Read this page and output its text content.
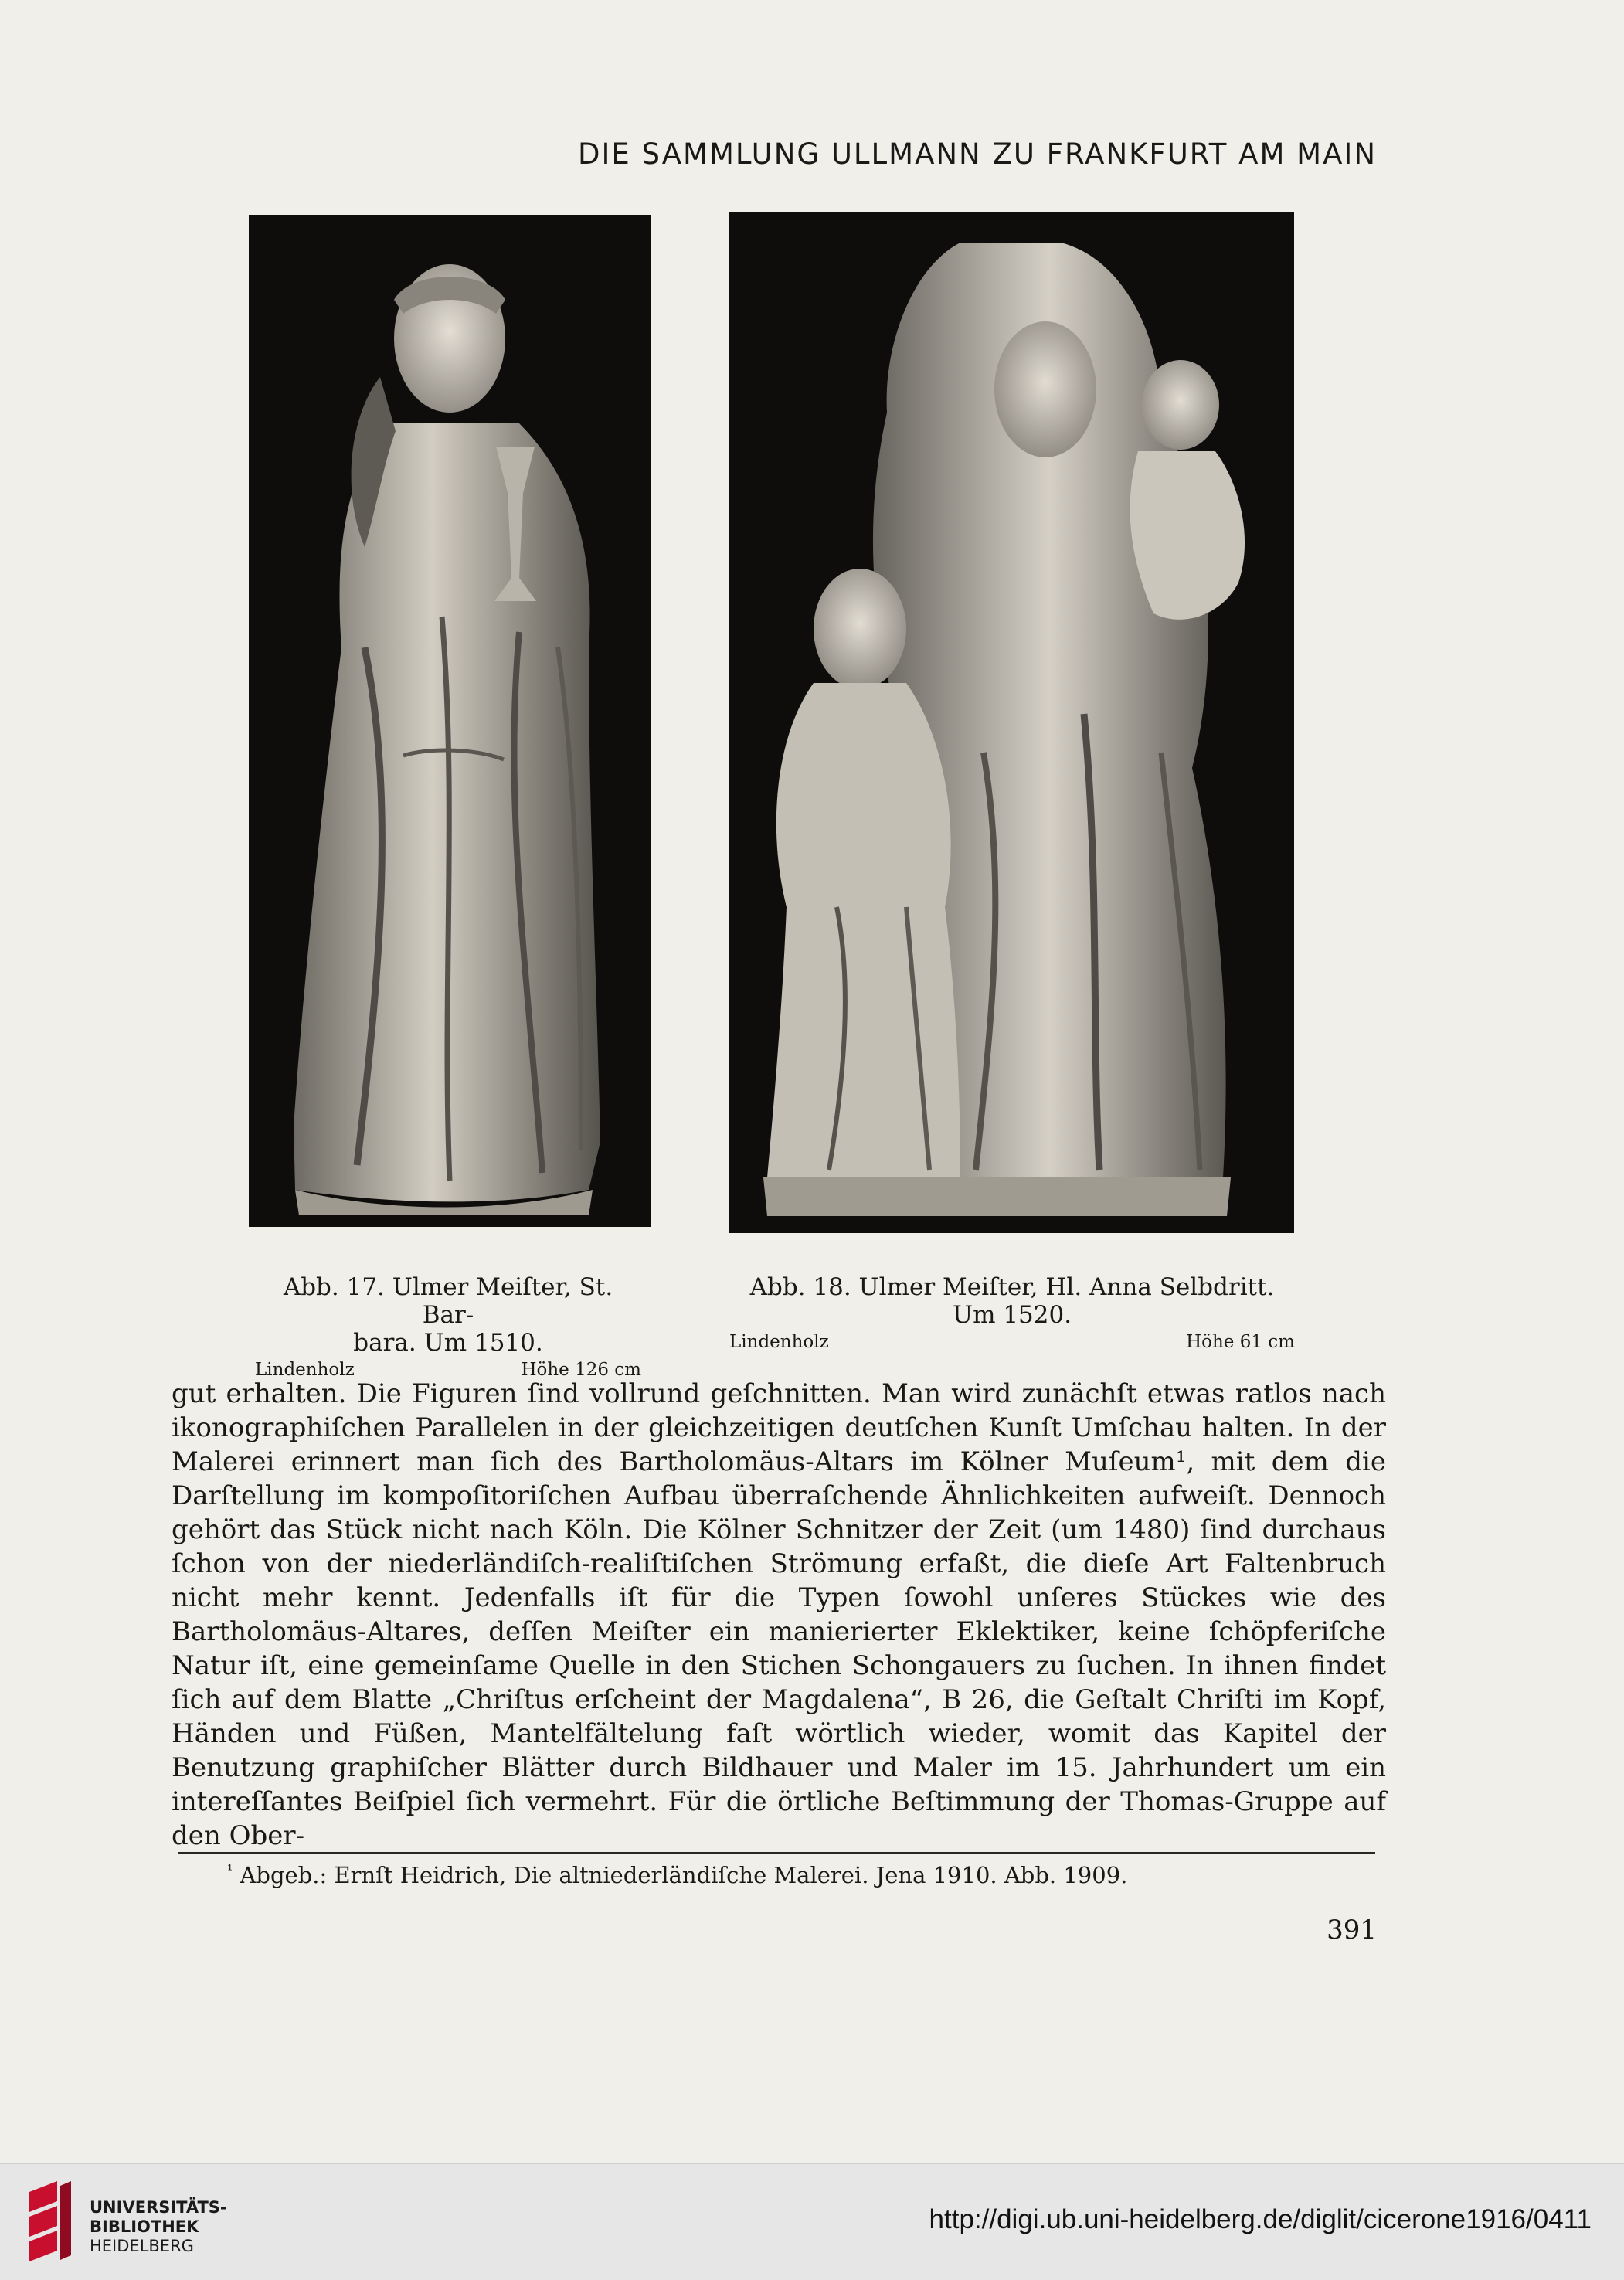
DIE SAMMLUNG ULLMANN ZU FRANKFURT AM MAIN
Abb. 17. Ulmer Meiſter, St. Bar-
bara. Um 1510.
Lindenholz	Höhe 126 cm
Abb. 18. Ulmer Meiſter, Hl. Anna Selbdritt.
Um 1520.
Lindenholz	Höhe 61 cm

gut erhalten. Die Figuren ſind vollrund geſchnitten. Man wird zunächſt etwas ratlos nach ikonographiſchen Parallelen in der gleichzeitigen deutſchen Kunſt Umſchau halten. In der Malerei erinnert man ſich des Bartholomäus-Altars im Kölner Muſeum¹, mit dem die Darſtellung im kompoſitoriſchen Aufbau überraſchende Ähnlichkeiten aufweiſt. Dennoch gehört das Stück nicht nach Köln. Die Kölner Schnitzer der Zeit (um 1480) ſind durchaus ſchon von der niederländiſch-realiſtiſchen Strömung erfaßt, die dieſe Art Faltenbruch nicht mehr kennt. Jedenfalls iſt für die Typen ſowohl unſeres Stückes wie des Bartholomäus-Altares, deſſen Meiſter ein manierierter Eklektiker, keine ſchöpferiſche Natur iſt, eine gemeinſame Quelle in den Stichen Schongauers zu ſuchen. In ihnen findet ſich auf dem Blatte „Chriſtus erſcheint der Magdalena“, B 26, die Geſtalt Chriſti im Kopf, Händen und Füßen, Mantelfältelung faſt wörtlich wieder, womit das Kapitel der Benutzung graphiſcher Blätter durch Bildhauer und Maler im 15. Jahrhundert um ein intereſſantes Beiſpiel ſich vermehrt. Für die örtliche Beſtimmung der Thomas-Gruppe auf den Ober-

$^{^1}$ Abgeb.: Ernſt Heidrich, Die altniederländiſche Malerei. Jena 1910. Abb. 1909.
391
UNIVERSITÄTS-
BIBLIOTHEK
HEIDELBERG
http://digi.ub.uni-heidelberg.de/diglit/cicerone1916/0411
